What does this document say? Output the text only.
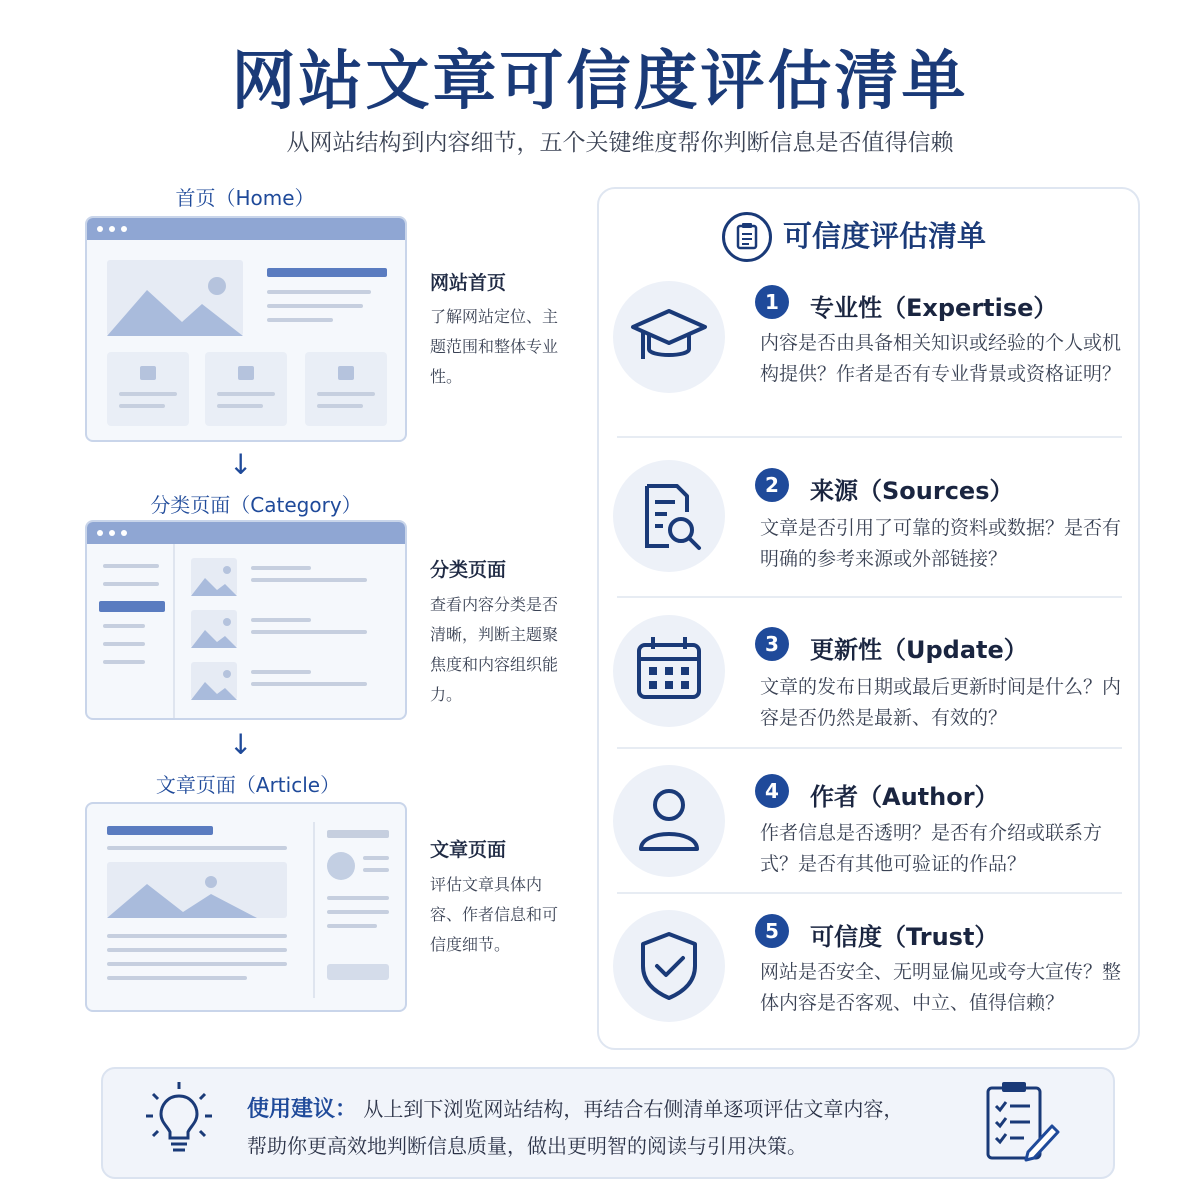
网站文章可信度评估清单
从网站结构到内容细节，五个关键维度帮你判断信息是否值得信赖
首页（Home）
网站首页
了解网站定位、主题范围和整体专业性。
↓
分类页面（Category）
分类页面
查看内容分类是否清晰，判断主题聚焦度和内容组织能力。
↓
文章页面（Article）
文章页面
评估文章具体内容、作者信息和可信度细节。
可信度评估清单
1	专业性（Expertise）
内容是否由具备相关知识或经验的个人或机构提供？作者是否有专业背景或资格证明？
2	来源（Sources）
文章是否引用了可靠的资料或数据？是否有明确的参考来源或外部链接？
3	更新性（Update）
文章的发布日期或最后更新时间是什么？内容是否仍然是最新、有效的？
4	作者（Author）
作者信息是否透明？是否有介绍或联系方式？是否有其他可验证的作品？
5	可信度（Trust）
网站是否安全、无明显偏见或夸大宣传？整体内容是否客观、中立、值得信赖？
使用建议： 从上到下浏览网站结构，再结合右侧清单逐项评估文章内容，
帮助你更高效地判断信息质量，做出更明智的阅读与引用决策。
